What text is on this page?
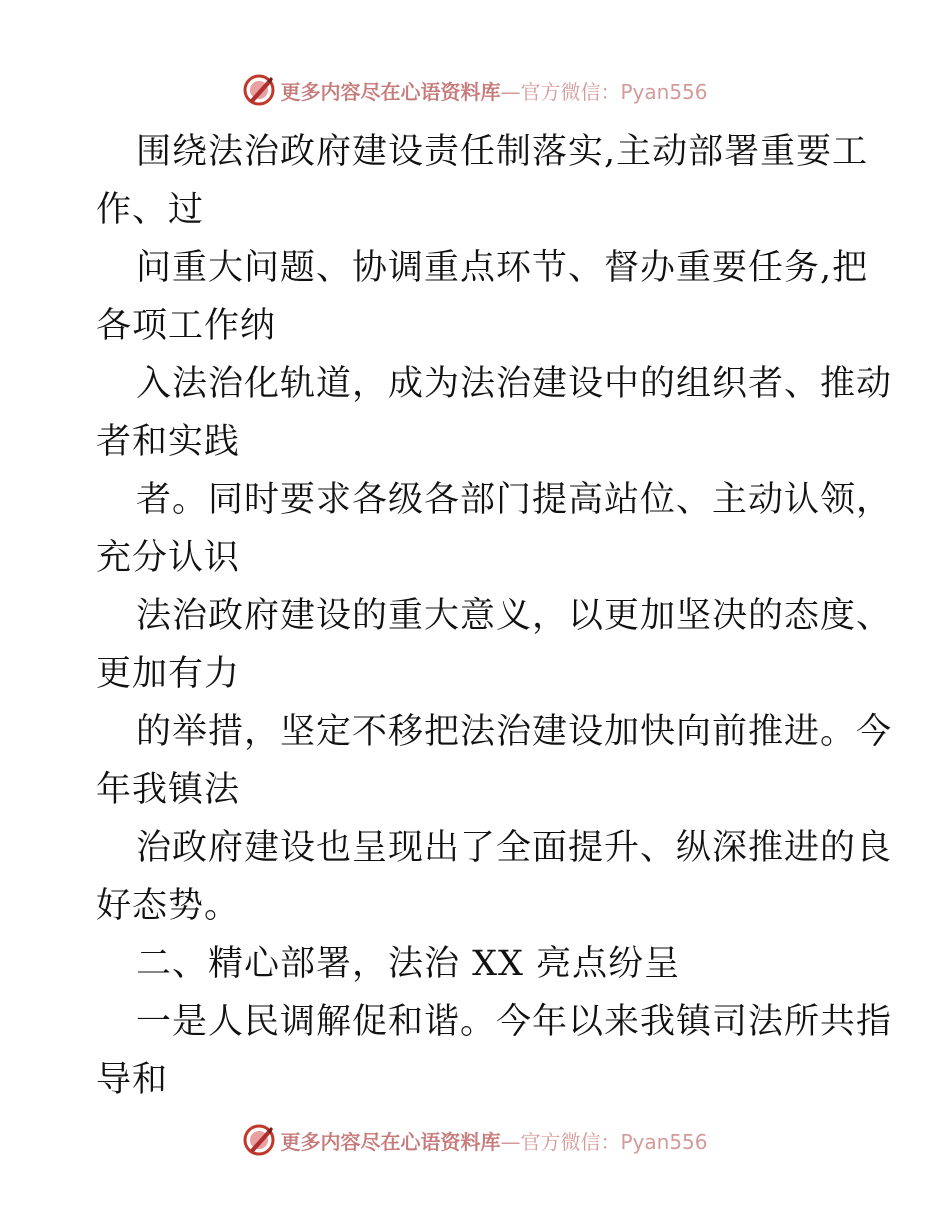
更多内容尽在心语资料库—官方微信：Pyan556
围绕法治政府建设责任制落实,主动部署重要工
作、过
问重大问题、协调重点环节、督办重要任务,把
各项工作纳
入法治化轨道，成为法治建设中的组织者、推动
者和实践
者。同时要求各级各部门提高站位、主动认领，
充分认识
法治政府建设的重大意义，以更加坚决的态度、
更加有力
的举措，坚定不移把法治建设加快向前推进。今
年我镇法
治政府建设也呈现出了全面提升、纵深推进的良
好态势。
二、精心部署，法治 XX 亮点纷呈
一是人民调解促和谐。今年以来我镇司法所共指
导和
更多内容尽在心语资料库—官方微信：Pyan556
